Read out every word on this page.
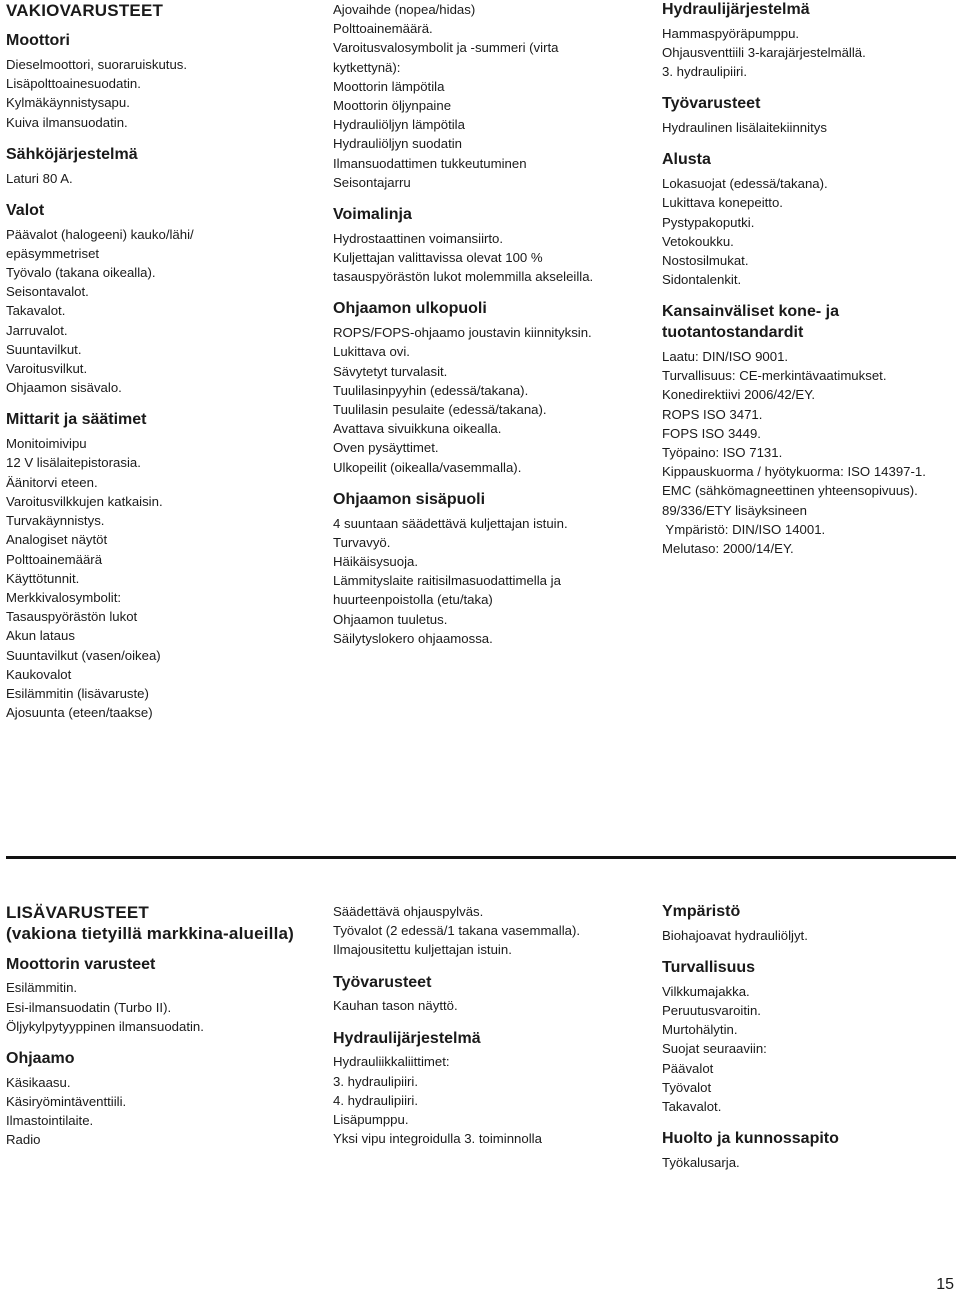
VAKIOVARUSTEET
Moottori
Dieselmoottori, suoraruiskutus.
Lisäpolttoainesuodatin.
Kylmäkäynnistysapu.
Kuiva ilmansuodatin.
Sähköjärjestelmä
Laturi 80 A.
Valot
Päävalot (halogeeni) kauko/lähi/
epäsymmetriset
Työvalo (takana oikealla).
Seisontavalot.
Takavalot.
Jarruvalot.
Suuntavilkut.
Varoitusvilkut.
Ohjaamon sisävalo.
Mittarit ja säätimet
Monitoimivipu
12 V lisälaitepistorasia.
Äänitorvi eteen.
Varoitusvilkkujen katkaisin.
Turvakäynnistys.
Analogiset näytöt
Polttoainemäärä
Käyttötunnit.
Merkkivalosymbolit:
Tasauspyörästön lukot
Akun lataus
Suuntavilkut (vasen/oikea)
Kaukovalot
Esilämmitin (lisävaruste)
Ajosuunta (eteen/taakse)
Ajovaihde (nopea/hidas)
Polttoainemäärä.
Varoitusvalosymbolit ja -summeri (virta
kytkettynä):
Moottorin lämpötila
Moottorin öljynpaine
Hydrauliöljyn lämpötila
Hydrauliöljyn suodatin
Ilmansuodattimen tukkeutuminen
Seisontajarru
Voimalinja
Hydrostaattinen voimansiirto.
Kuljettajan valittavissa olevat 100 %
tasauspyörästön lukot molemmilla akseleilla.
Ohjaamon ulkopuoli
ROPS/FOPS-ohjaamo joustavin kiinnityksin.
Lukittava ovi.
Sävytetyt turvalasit.
Tuulilasinpyyhin (edessä/takana).
Tuulilasin pesulaite (edessä/takana).
Avattava sivuikkuna oikealla.
Oven pysäyttimet.
Ulkopeilit (oikealla/vasemmalla).
Ohjaamon sisäpuoli
4 suuntaan säädettävä kuljettajan istuin.
Turvavyö.
Häikäisysuoja.
Lämmityslaite raitisilmasuodattimella ja
huurteenpoistolla (etu/taka)
Ohjaamon tuuletus.
Säilytyslokero ohjaamossa.
Hydraulijärjestelmä
Hammaspyöräpumppu.
Ohjausventtiili 3-karajärjestelmällä.
3. hydraulipiiri.
Työvarusteet
Hydraulinen lisälaitekiinnitys
Alusta
Lokasuojat (edessä/takana).
Lukittava konepeitto.
Pystypakoputki.
Vetokoukku.
Nostosilmukat.
Sidontalenkit.
Kansainväliset kone- ja
tuotantostandardit
Laatu: DIN/ISO 9001.
Turvallisuus: CE-merkintävaatimukset.
Konedirektiivi 2006/42/EY.
ROPS ISO 3471.
FOPS ISO 3449.
Työpaino: ISO 7131.
Kippauskuorma / hyötykuorma: ISO 14397-1.
EMC (sähkömagneettinen yhteensopivuus).
89/336/ETY lisäyksineen
Ympäristö: DIN/ISO 14001.
Melutaso: 2000/14/EY.
LISÄVARUSTEET
(vakiona tietyillä markkina-alueilla)
Moottorin varusteet
Esilämmitin.
Esi-ilmansuodatin (Turbo II).
Öljykylpytyyppinen ilmansuodatin.
Ohjaamo
Käsikaasu.
Käsiryömintäventtiili.
Ilmastointilaite.
Radio
Säädettävä ohjauspylväs.
Työvalot (2 edessä/1 takana vasemmalla).
Ilmajousitettu kuljettajan istuin.
Työvarusteet
Kauhan tason näyttö.
Hydraulijärjestelmä
Hydrauliikkaliittimet:
3. hydraulipiiri.
4. hydraulipiiri.
Lisäpumppu.
Yksi vipu integroidulla 3. toiminnolla
Ympäristö
Biohajoavat hydrauliöljyt.
Turvallisuus
Vilkkumajakka.
Peruutusvaroitin.
Murtohälytin.
Suojat seuraaviin:
Päävalot
Työvalot
Takavalot.
Huolto ja kunnossapito
Työkalusarja.
15
